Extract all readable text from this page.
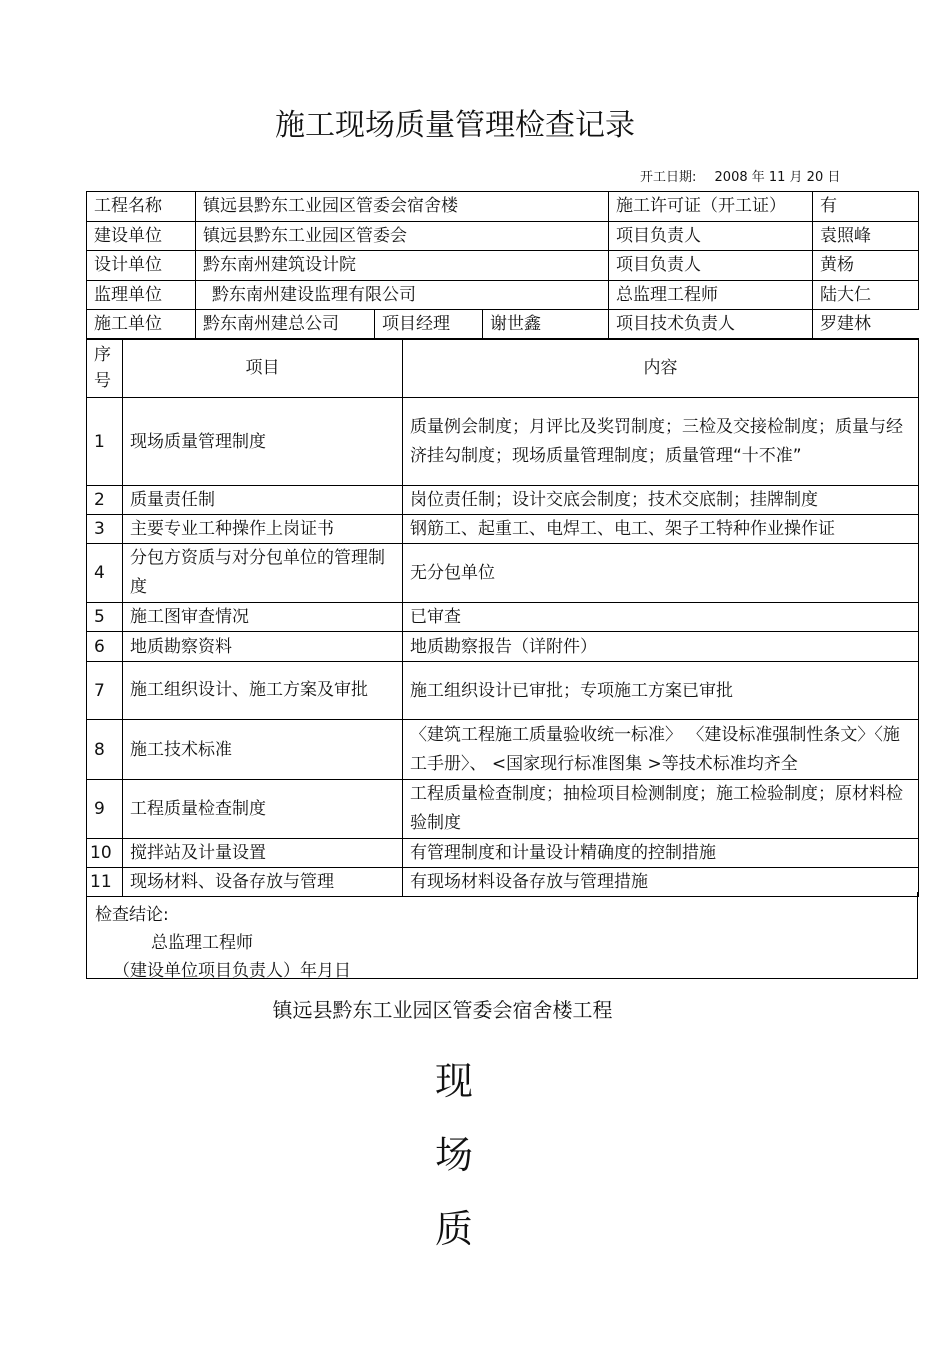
施工现场质量管理检查记录
开工日期: 2008 年 11 月 20 日
工程名称	镇远县黔东工业园区管委会宿舍楼			施工许可证（开工证）	有
建设单位	镇远县黔东工业园区管委会			项目负责人	袁照峰
设计单位	黔东南州建筑设计院			项目负责人	黄杨
监理单位	黔东南州建设监理有限公司			总监理工程师	陆大仁
施工单位	黔东南州建总公司	项目经理	谢世鑫	项目技术负责人	罗建林
序号	项目	内容
1	现场质量管理制度	质量例会制度；月评比及奖罚制度；三检及交接检制度；质量与经济挂勾制度；现场质量管理制度；质量管理“十不准”
2	质量责任制	岗位责任制；设计交底会制度；技术交底制；挂牌制度
3	主要专业工种操作上岗证书	钢筋工、起重工、电焊工、电工、架子工特种作业操作证
4	分包方资质与对分包单位的管理制度	无分包单位
5	施工图审查情况	已审查
6	地质勘察资料	地质勘察报告（详附件）
7	施工组织设计、施工方案及审批	施工组织设计已审批；专项施工方案已审批
8	施工技术标准	〈建筑工程施工质量验收统一标准〉 〈建设标准强制性条文〉〈施工手册〉、 <国家现行标准图集 >等技术标准均齐全
9	工程质量检查制度	工程质量检查制度；抽检项目检测制度；施工检验制度；原材料检验制度
10	搅拌站及计量设置	有管理制度和计量设计精确度的控制措施
11	现场材料、设备存放与管理	有现场材料设备存放与管理措施
检查结论:
总监理工程师
（建设单位项目负责人）年月日
镇远县黔东工业园区管委会宿舍楼工程
现
场
质
